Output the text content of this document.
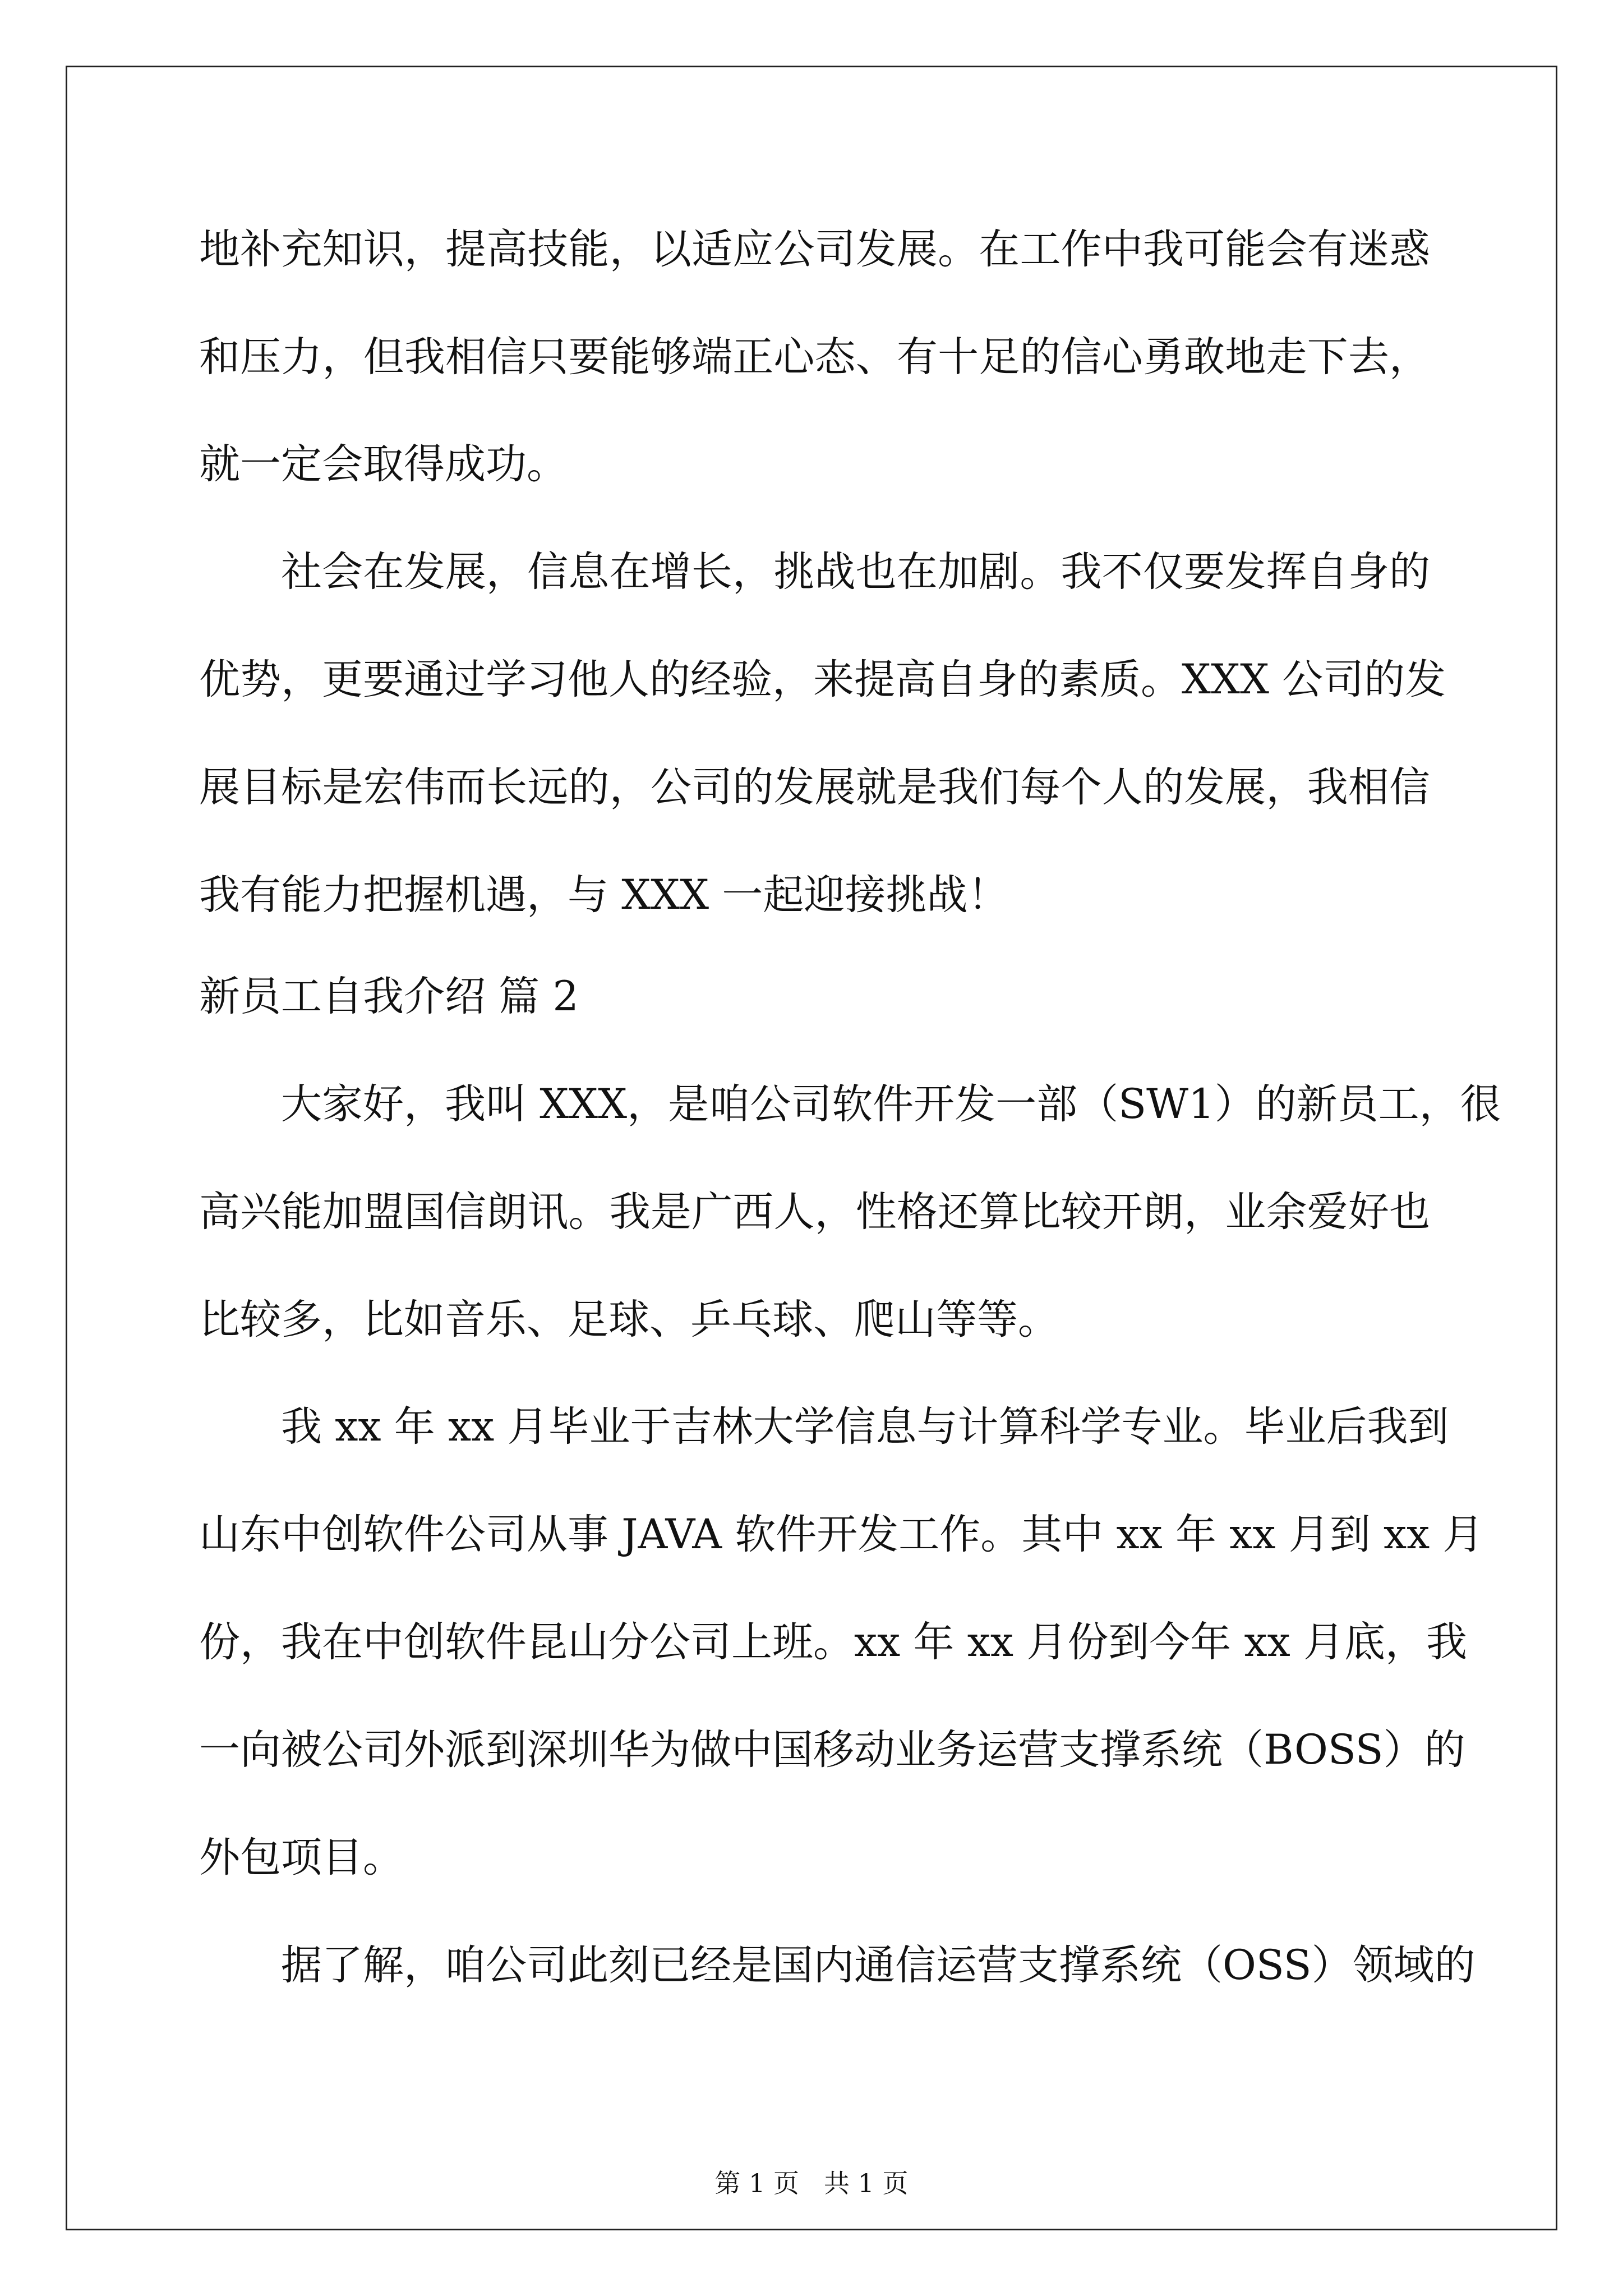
地补充知识，提高技能，以适应公司发展。在工作中我可能会有迷惑
和压力，但我相信只要能够端正心态、有十足的信心勇敢地走下去，
就一定会取得成功。
社会在发展，信息在增长，挑战也在加剧。我不仅要发挥自身的
优势，更要通过学习他人的经验，来提高自身的素质。XXX 公司的发
展目标是宏伟而长远的，公司的发展就是我们每个人的发展，我相信
我有能力把握机遇，与 XXX 一起迎接挑战！
新员工自我介绍 篇 2
大家好，我叫 XXX，是咱公司软件开发一部（SW1）的新员工，很
高兴能加盟国信朗讯。我是广西人，性格还算比较开朗，业余爱好也
比较多，比如音乐、足球、乒乓球、爬山等等。
我 xx 年 xx 月毕业于吉林大学信息与计算科学专业。毕业后我到
山东中创软件公司从事 JAVA 软件开发工作。其中 xx 年 xx 月到 xx 月
份，我在中创软件昆山分公司上班。xx 年 xx 月份到今年 xx 月底，我
一向被公司外派到深圳华为做中国移动业务运营支撑系统（BOSS）的
外包项目。
据了解，咱公司此刻已经是国内通信运营支撑系统（OSS）领域的
第 1 页 共 1 页
